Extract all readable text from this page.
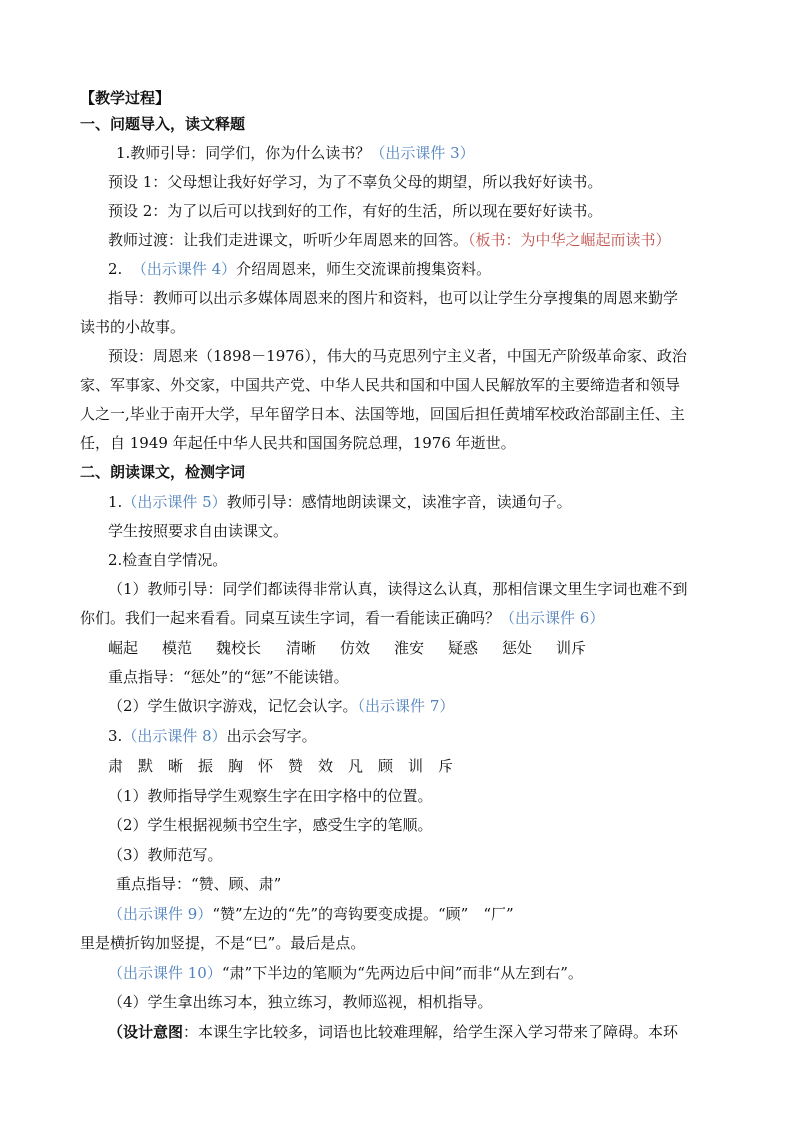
【教学过程】
一、问题导入，读文释题
1.教师引导：同学们，你为什么读书？（出示课件 3）
预设 1：父母想让我好好学习，为了不辜负父母的期望，所以我好好读书。
预设 2：为了以后可以找到好的工作，有好的生活，所以现在要好好读书。
教师过渡：让我们走进课文，听听少年周恩来的回答。（板书：为中华之崛起而读书）
2. （出示课件 4）介绍周恩来，师生交流课前搜集资料。
指导：教师可以出示多媒体周恩来的图片和资料，也可以让学生分享搜集的周恩来勤学
读书的小故事。
预设：周恩来（1898－1976），伟大的马克思列宁主义者，中国无产阶级革命家、政治
家、军事家、外交家，中国共产党、中华人民共和国和中国人民解放军的主要缔造者和领导
人之一,毕业于南开大学，早年留学日本、法国等地，回国后担任黄埔军校政治部副主任、主
任，自 1949 年起任中华人民共和国国务院总理，1976 年逝世。
二、朗读课文，检测字词
1.（出示课件 5）教师引导：感情地朗读课文，读准字音，读通句子。
学生按照要求自由读课文。
2.检查自学情况。
（1）教师引导：同学们都读得非常认真，读得这么认真，那相信课文里生字词也难不到
你们。我们一起来看看。同桌互读生字词，看一看能读正确吗？（出示课件 6）
崛起 模范 魏校长 清晰 仿效 淮安 疑惑 惩处 训斥
重点指导：“惩处”的“惩”不能读错。
（2）学生做识字游戏，记忆会认字。（出示课件 7）
3.（出示课件 8）出示会写字。
肃 默 晰 振 胸 怀 赞 效 凡 顾 训 斥
（1）教师指导学生观察生字在田字格中的位置。
（2）学生根据视频书空生字，感受生字的笔顺。
（3）教师范写。
重点指导：“赞、顾、肃”
（出示课件 9）“赞”左边的“先”的弯钩要变成提。“顾”　“厂”
里是横折钩加竖提，不是“巳”。最后是点。
（出示课件 10）“肃”下半边的笔顺为“先两边后中间”而非“从左到右”。
（4）学生拿出练习本，独立练习，教师巡视，相机指导。
（设计意图：本课生字比较多，词语也比较难理解，给学生深入学习带来了障碍。本环
